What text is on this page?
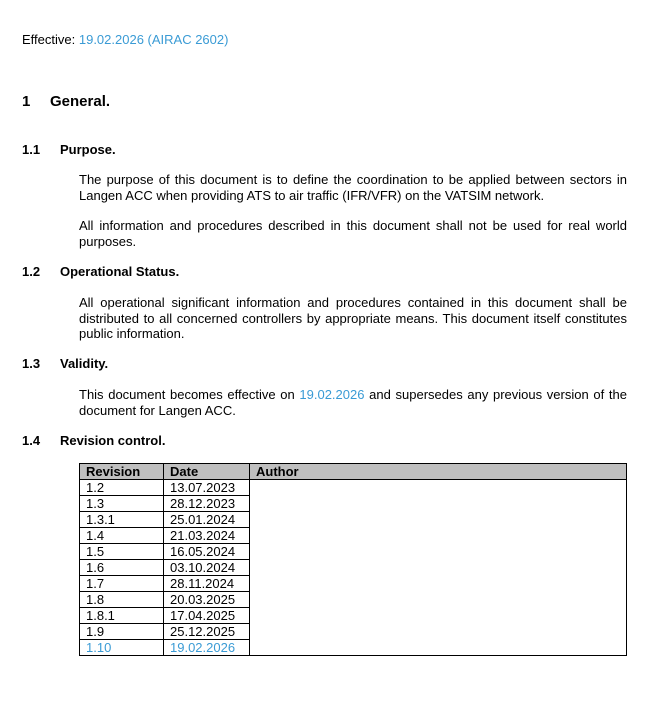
Effective: 19.02.2026 (AIRAC 2602)
1 General.
1.1 Purpose.

The purpose of this document is to define the coordination to be applied between sectors in Langen ACC when providing ATS to air traffic (IFR/VFR) on the VATSIM network.

All information and procedures described in this document shall not be used for real world purposes.

1.2 Operational Status.

All operational significant information and procedures contained in this document shall be distributed to all concerned controllers by appropriate means. This document itself constitutes public information.

1.3 Validity.

This document becomes effective on 19.02.2026 and supersedes any previous version of the document for Langen ACC.

1.4 Revision control.
Revision	Date	Author
1.2	13.07.2023	
1.3	28.12.2023	
1.3.1	25.01.2024	
1.4	21.03.2024	
1.5	16.05.2024	
1.6	03.10.2024	
1.7	28.11.2024	
1.8	20.03.2025	
1.8.1	17.04.2025	
1.9	25.12.2025	
1.10	19.02.2026	
